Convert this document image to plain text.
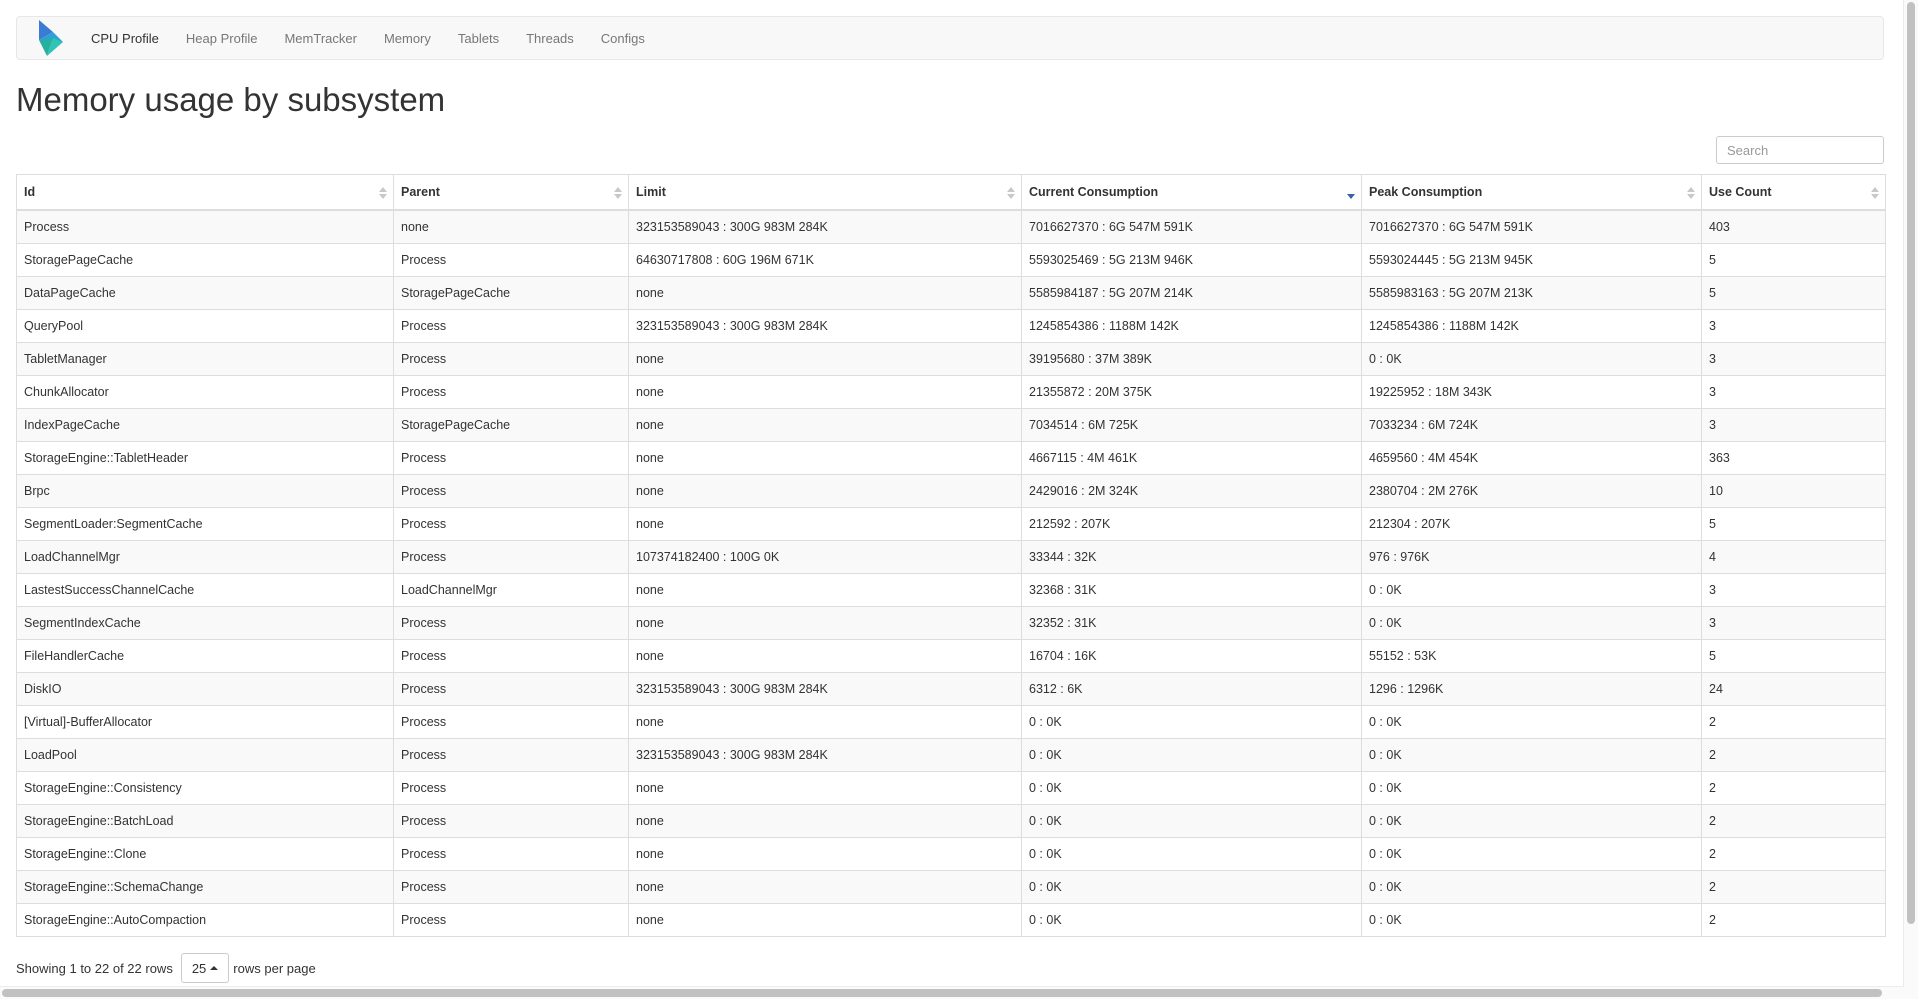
CPU Profile Heap Profile MemTracker Memory Tablets Threads Configs
Memory usage by subsystem
Search
Id	Parent	Limit	Current Consumption	Peak Consumption	Use Count

Process	none	323153589043 : 300G 983M 284K	7016627370 : 6G 547M 591K	7016627370 : 6G 547M 591K	403
StoragePageCache	Process	64630717808 : 60G 196M 671K	5593025469 : 5G 213M 946K	5593024445 : 5G 213M 945K	5
DataPageCache	StoragePageCache	none	5585984187 : 5G 207M 214K	5585983163 : 5G 207M 213K	5
QueryPool	Process	323153589043 : 300G 983M 284K	1245854386 : 1188M 142K	1245854386 : 1188M 142K	3
TabletManager	Process	none	39195680 : 37M 389K	0 : 0K	3
ChunkAllocator	Process	none	21355872 : 20M 375K	19225952 : 18M 343K	3
IndexPageCache	StoragePageCache	none	7034514 : 6M 725K	7033234 : 6M 724K	3
StorageEngine::TabletHeader	Process	none	4667115 : 4M 461K	4659560 : 4M 454K	363
Brpc	Process	none	2429016 : 2M 324K	2380704 : 2M 276K	10
SegmentLoader:SegmentCache	Process	none	212592 : 207K	212304 : 207K	5
LoadChannelMgr	Process	107374182400 : 100G 0K	33344 : 32K	976 : 976K	4
LastestSuccessChannelCache	LoadChannelMgr	none	32368 : 31K	0 : 0K	3
SegmentIndexCache	Process	none	32352 : 31K	0 : 0K	3
FileHandlerCache	Process	none	16704 : 16K	55152 : 53K	5
DiskIO	Process	323153589043 : 300G 983M 284K	6312 : 6K	1296 : 1296K	24
[Virtual]-BufferAllocator	Process	none	0 : 0K	0 : 0K	2
LoadPool	Process	323153589043 : 300G 983M 284K	0 : 0K	0 : 0K	2
StorageEngine::Consistency	Process	none	0 : 0K	0 : 0K	2
StorageEngine::BatchLoad	Process	none	0 : 0K	0 : 0K	2
StorageEngine::Clone	Process	none	0 : 0K	0 : 0K	2
StorageEngine::SchemaChange	Process	none	0 : 0K	0 : 0K	2
StorageEngine::AutoCompaction	Process	none	0 : 0K	0 : 0K	2
Showing 1 to 22 of 22 rows 25 rows per page
